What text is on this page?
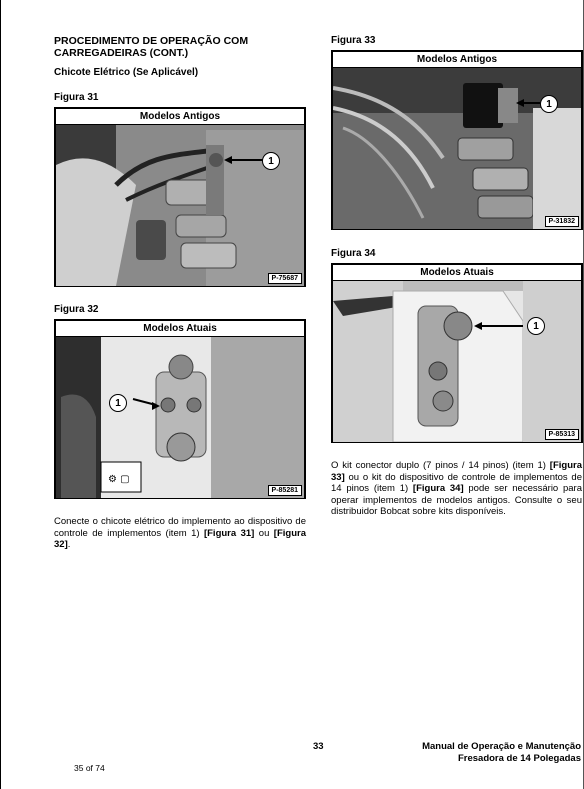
PROCEDIMENTO DE OPERAÇÃO COM
CARREGADEIRAS (CONT.)
Chicote Elétrico (Se Aplicável)
Figura 31
Modelos Antigos
1
P-75687
Figura 32
Modelos Atuais
⚙ ▢
1
P-85281
Conecte o chicote elétrico do implemento ao dispositivo de controle de implementos (item 1) [Figura 31] ou [Figura 32].
Figura 33
Modelos Antigos
1
P-31832
Figura 34
Modelos Atuais
1
P-85313
O kit conector duplo (7 pinos / 14 pinos) (item 1) [Figura 33] ou o kit do dispositivo de controle de implementos de 14 pinos (item 1) [Figura 34] pode ser necessário para operar implementos de modelos antigos. Consulte o seu distribuidor Bobcat sobre kits disponíveis.
33	Manual de Operação e Manutenção
Fresadora de 14 Polegadas
35 of 74
